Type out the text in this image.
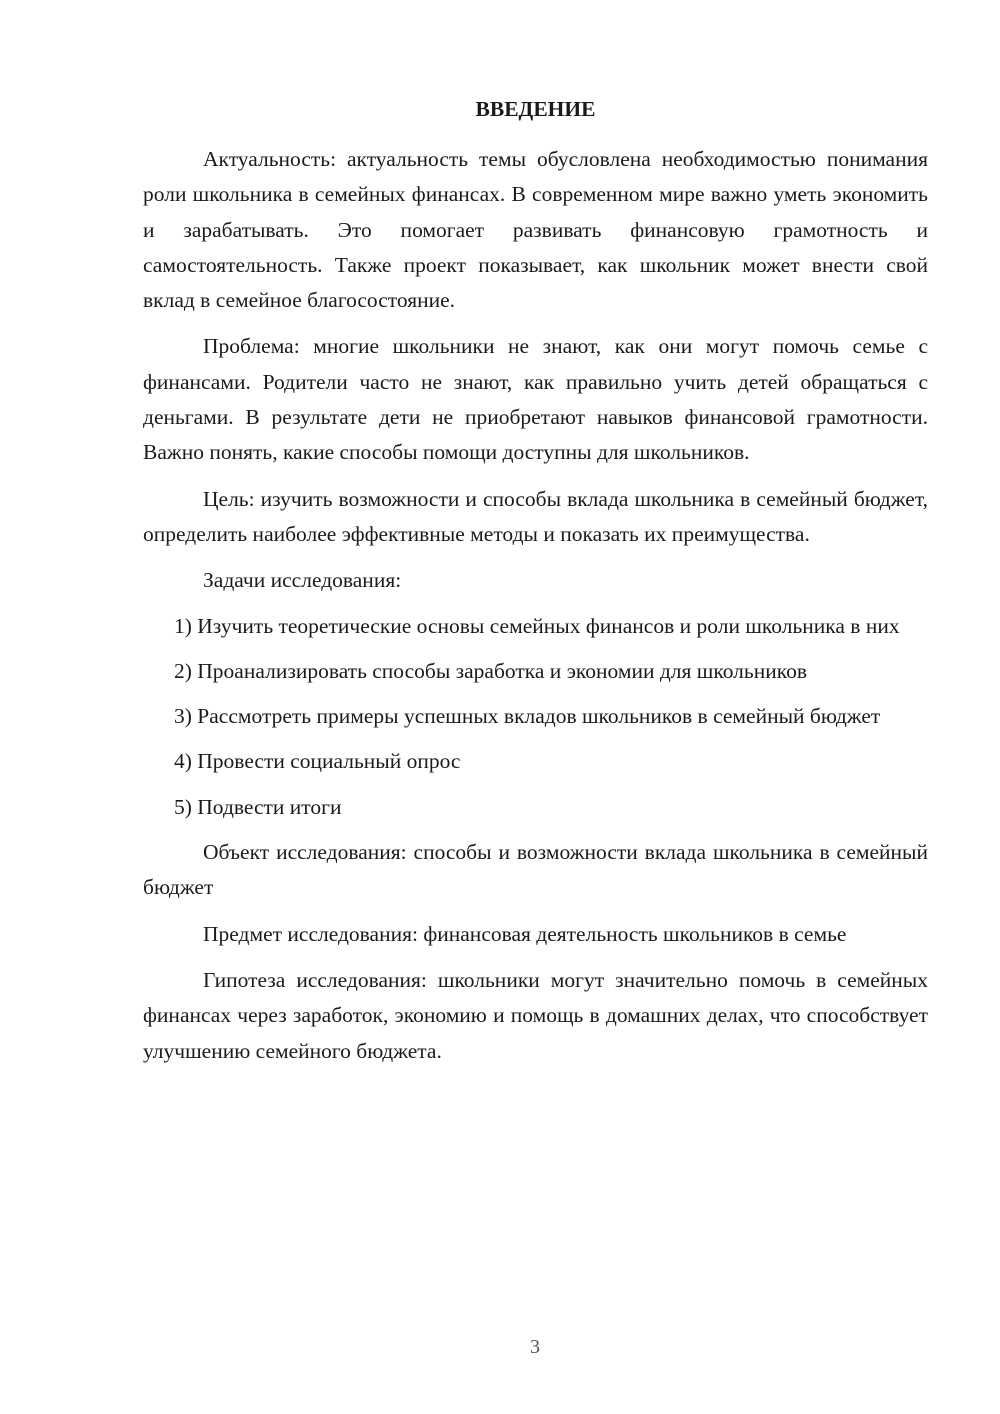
ВВЕДЕНИЕ

Актуальность: актуальность темы обусловлена необходимостью понимания роли школьника в семейных финансах. В современном мире важно уметь экономить и зарабатывать. Это помогает развивать финансовую грамотность и самостоятельность. Также проект показывает, как школьник может внести свой вклад в семейное благосостояние.

Проблема: многие школьники не знают, как они могут помочь семье с финансами. Родители часто не знают, как правильно учить детей обращаться с деньгами. В результате дети не приобретают навыков финансовой грамотности. Важно понять, какие способы помощи доступны для школьников.

Цель: изучить возможности и способы вклада школьника в семейный бюджет, определить наиболее эффективные методы и показать их преимущества.

Задачи исследования:

1) Изучить теоретические основы семейных финансов и роли школьника в них

2) Проанализировать способы заработка и экономии для школьников

3) Рассмотреть примеры успешных вкладов школьников в семейный бюджет

4) Провести социальный опрос

5) Подвести итоги

Объект исследования: способы и возможности вклада школьника в семейный бюджет

Предмет исследования: финансовая деятельность школьников в семье

Гипотеза исследования: школьники могут значительно помочь в семейных финансах через заработок, экономию и помощь в домашних делах, что способствует улучшению семейного бюджета.

3
